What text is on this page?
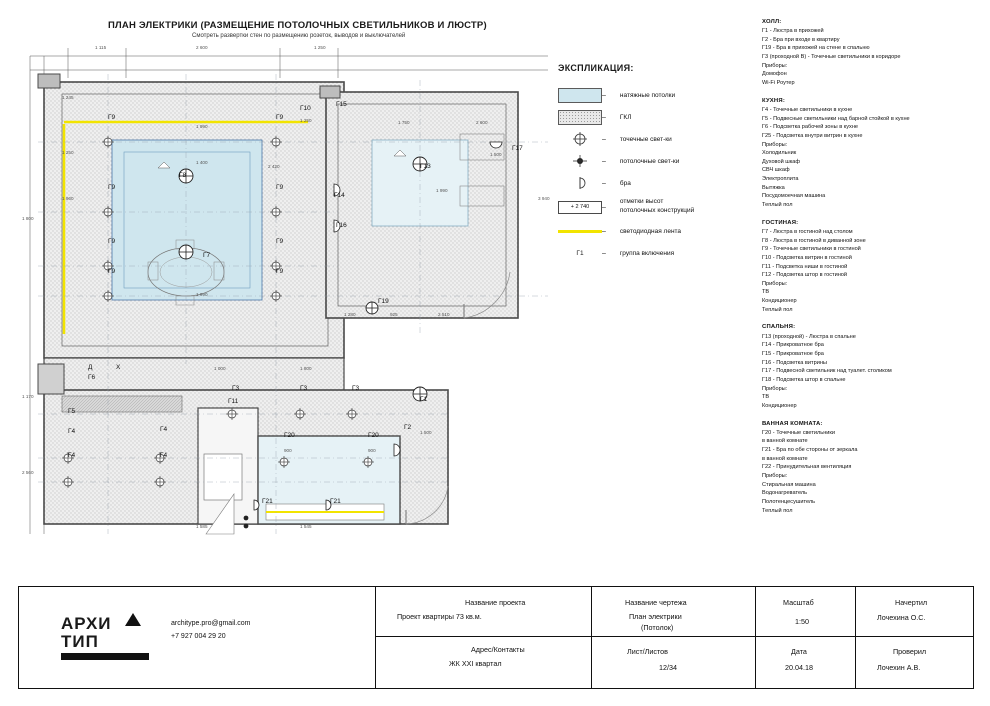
ПЛАН ЭЛЕКТРИКИ (РАЗМЕЩЕНИЕ ПОТОЛОЧНЫХ СВЕТИЛЬНИКОВ И ЛЮСТР)
Смотреть развертки стен по размещению розеток, выводов и выключателей
Г9	Г9
Г10
Г9	Г9
Г8
Г9	Г9
Г7
Г9	Г9
Г15
Г13
Г17
Г14
Г16
Г19
Г3	Г3	Г3
Г1
Г11
Г5
Г4
Г4
Г6
Г4
Г4
Г20	Г20
Г21	Г21
Г2
Д	Х
1 115	2 600	1 250
1 245
1 250
1 960
1 990
1 400
2 420
1 990
1 750	2 600
1 250
1 990
1 545
1 585
1 000	1 800
900	900
1 280	925	2 510
1 800
3 940
1 170
2 560
1 500
1 500
ЭКСПЛИКАЦИЯ:
– натяжные потолки
– ГКЛ
– точечные свет-ки
– потолочные свет-ки
– бра
+ 2 740	–
отметки высот
потолочных конструкций
– светодиодная лента
Г1	– группа включения
ХОЛЛ:
Г1 - Люстра в прихожей
Г2 - Бра при входе в квартиру
Г19 - Бра в прихожей на стене в спальню
Г3 (проходной В) - Точечные светильники в коридоре
Приборы:
Домофон
Wi-Fi Роутер
КУХНЯ:
Г4 - Точечные светильники в кухне
Г5 - Подвесные светильники над барной стойкой в кухне
Г6 - Подсветка рабочей зоны в кухне
Г25 - Подсветка внутри витрин в кухне
Приборы:
Холодильник
Духовой шкаф
СВЧ шкаф
Электроплита
Вытяжка
Посудомоечная машина
Теплый пол
ГОСТИНАЯ:
Г7 - Люстра в гостиной над столом
Г8 - Люстра в гостиной в диванной зоне
Г9 - Точечные светильники в гостиной
Г10 - Подсветка витрин в гостиной
Г11 - Подсветка ниши в гостиной
Г12 - Подсветка штор в гостиной
Приборы:
ТВ
Кондиционер
Теплый пол
СПАЛЬНЯ:
Г13 (проходной) - Люстра в спальне
Г14 - Прикроватное бра
Г15 - Прикроватное бра
Г16 - Подсветка витрины
Г17 - Подвесной светильник над туалет. столиком
Г18 - Подсветка штор в спальне
Приборы:
ТВ
Кондиционер
ВАННАЯ КОМНАТА:
Г20 - Точечные светильники
в ванной комнате
Г21 - Бра по обе стороны от зеркала
в ванной комнате
Г22 - Принудительная вентиляция
Приборы:
Стиральная машина
Водонагреватель
Полотенцесушитель
Теплый пол
АРХИ
ТИП
architype.pro@gmail.com
+7 927 004 29 20
Название проекта
Проект квартиры 73 кв.м.
Адрес/Контакты
ЖК XXI квартал
Название чертежа
План электрики
(Потолок)
Лист/Листов
12/34
Масштаб
1:50
Дата
20.04.18
Начертил
Лочехина О.С.
Проверил
Лочехин А.В.
